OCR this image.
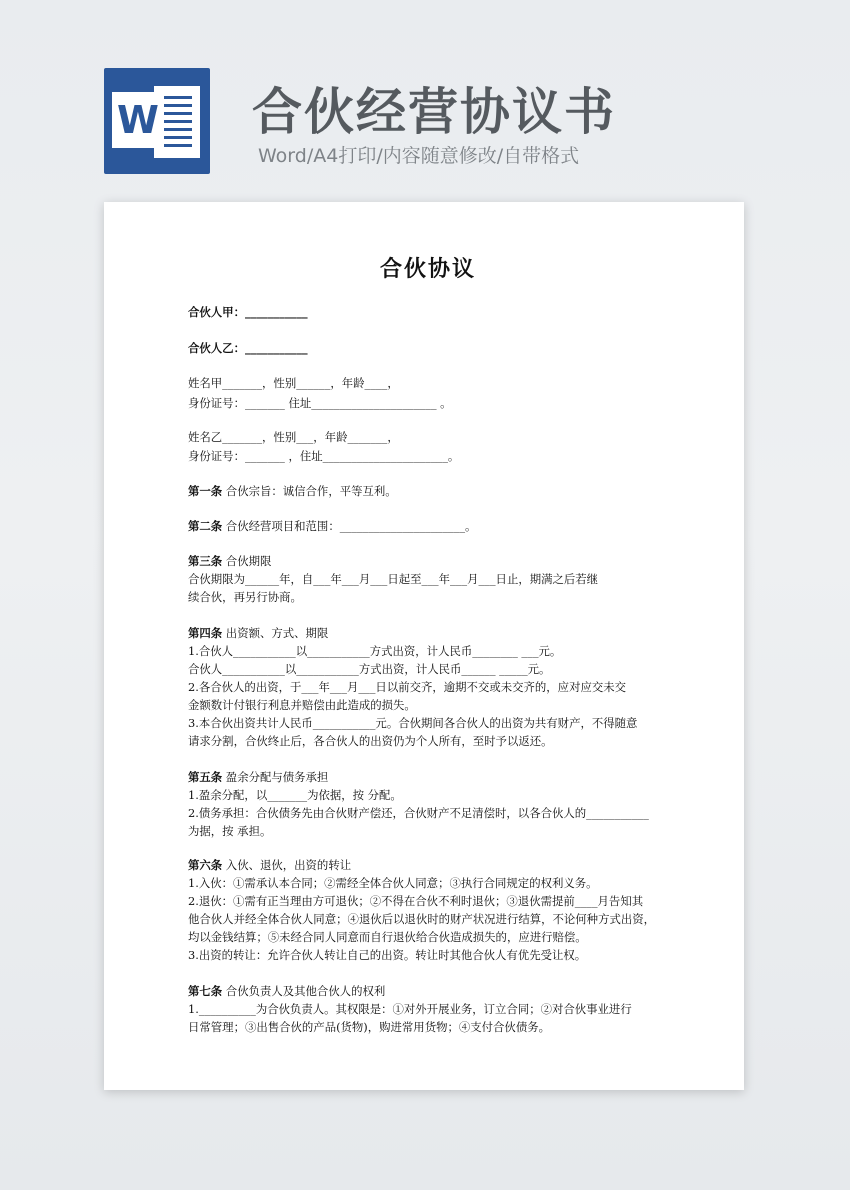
W 合伙经营协议书
Word/A4打印/内容随意修改/自带格式
合伙协议
合伙人甲：___________
合伙人乙：___________
姓名甲_______，性别______，年龄____，
身份证号：_______ 住址______________________ 。
姓名乙_______，性别___，年龄_______，
身份证号：_______ ，住址______________________。
第一条 合伙宗旨：诚信合作，平等互利。
第二条 合伙经营项目和范围：______________________。
第三条 合伙期限
合伙期限为______年，自___年___月___日起至___年___月___日止，期满之后若继
续合伙，再另行协商。
第四条 出资额、方式、期限
1.合伙人___________以___________方式出资，计人民币________ ___元。
合伙人___________以___________方式出资，计人民币______ _____元。
2.各合伙人的出资，于___年___月___日以前交齐，逾期不交或未交齐的，应对应交未交
金额数计付银行利息并赔偿由此造成的损失。
3.本合伙出资共计人民币___________元。合伙期间各合伙人的出资为共有财产，不得随意
请求分割，合伙终止后，各合伙人的出资仍为个人所有，至时予以返还。
第五条 盈余分配与债务承担
1.盈余分配，以_______为依据，按 分配。
2.债务承担：合伙债务先由合伙财产偿还，合伙财产不足清偿时，以各合伙人的___________
为据，按 承担。
第六条 入伙、退伙，出资的转让
1.入伙：①需承认本合同；②需经全体合伙人同意；③执行合同规定的权利义务。
2.退伙：①需有正当理由方可退伙；②不得在合伙不利时退伙；③退伙需提前____月告知其
他合伙人并经全体合伙人同意；④退伙后以退伙时的财产状况进行结算，不论何种方式出资，
均以金钱结算；⑤未经合同人同意而自行退伙给合伙造成损失的，应进行赔偿。
3.出资的转让：允许合伙人转让自己的出资。转让时其他合伙人有优先受让权。
第七条 合伙负责人及其他合伙人的权利
1.__________为合伙负责人。其权限是：①对外开展业务，订立合同；②对合伙事业进行
日常管理；③出售合伙的产品(货物)，购进常用货物；④支付合伙债务。
